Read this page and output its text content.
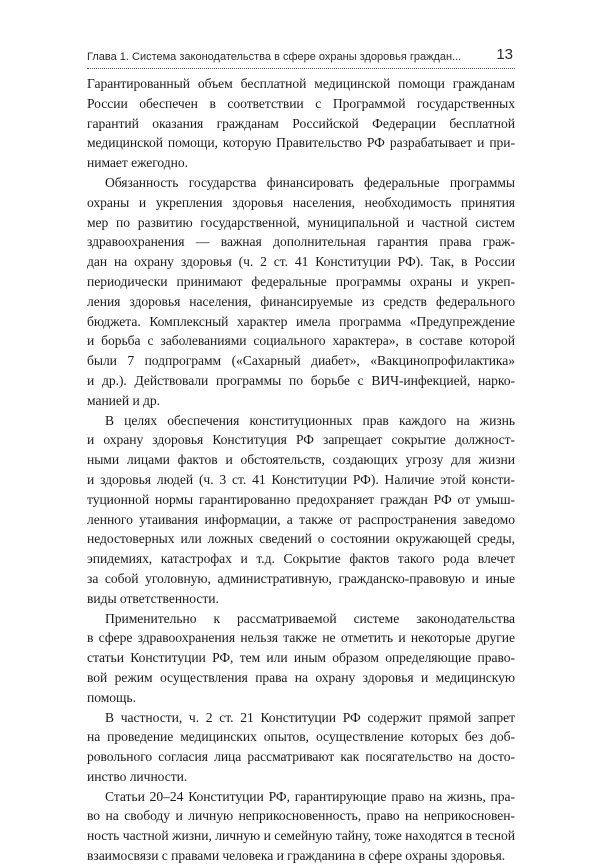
Глава 1. Система законодательства в сфере охраны здоровья граждан... 13
Гарантированный объем бесплатной медицинской помощи гражданам
России обеспечен в соответствии с Программой государственных
гарантий оказания гражданам Российской Федерации бесплатной
медицинской помощи, которую Правительство РФ разрабатывает и при-
нимает ежегодно.
Обязанность государства финансировать федеральные программы
охраны и укрепления здоровья населения, необходимость принятия
мер по развитию государственной, муниципальной и частной систем
здравоохранения — важная дополнительная гарантия права граж-
дан на охрану здоровья (ч. 2 ст. 41 Конституции РФ). Так, в России
периодически принимают федеральные программы охраны и укреп-
ления здоровья населения, финансируемые из средств федерального
бюджета. Комплексный характер имела программа «Предупреждение
и борьба с заболеваниями социального характера», в составе которой
были 7 подпрограмм («Сахарный диабет», «Вакцинопрофилактика»
и др.). Действовали программы по борьбе с ВИЧ-инфекцией, нарко-
манией и др.
В целях обеспечения конституционных прав каждого на жизнь
и охрану здоровья Конституция РФ запрещает сокрытие должност-
ными лицами фактов и обстоятельств, создающих угрозу для жизни
и здоровья людей (ч. 3 ст. 41 Конституции РФ). Наличие этой консти-
туционной нормы гарантированно предохраняет граждан РФ от умыш-
ленного утаивания информации, а также от распространения заведомо
недостоверных или ложных сведений о состоянии окружающей среды,
эпидемиях, катастрофах и т.д. Сокрытие фактов такого рода влечет
за собой уголовную, административную, гражданско-правовую и иные
виды ответственности.
Применительно к рассматриваемой системе законодательства
в сфере здравоохранения нельзя также не отметить и некоторые другие
статьи Конституции РФ, тем или иным образом определяющие право-
вой режим осуществления права на охрану здоровья и медицинскую
помощь.
В частности, ч. 2 ст. 21 Конституции РФ содержит прямой запрет
на проведение медицинских опытов, осуществление которых без доб-
ровольного согласия лица рассматривают как посягательство на досто-
инство личности.
Статьи 20–24 Конституции РФ, гарантирующие право на жизнь, пра-
во на свободу и личную неприкосновенность, право на неприкосновен-
ность частной жизни, личную и семейную тайну, тоже находятся в тесной
взаимосвязи с правами человека и гражданина в сфере охраны здоровья.
